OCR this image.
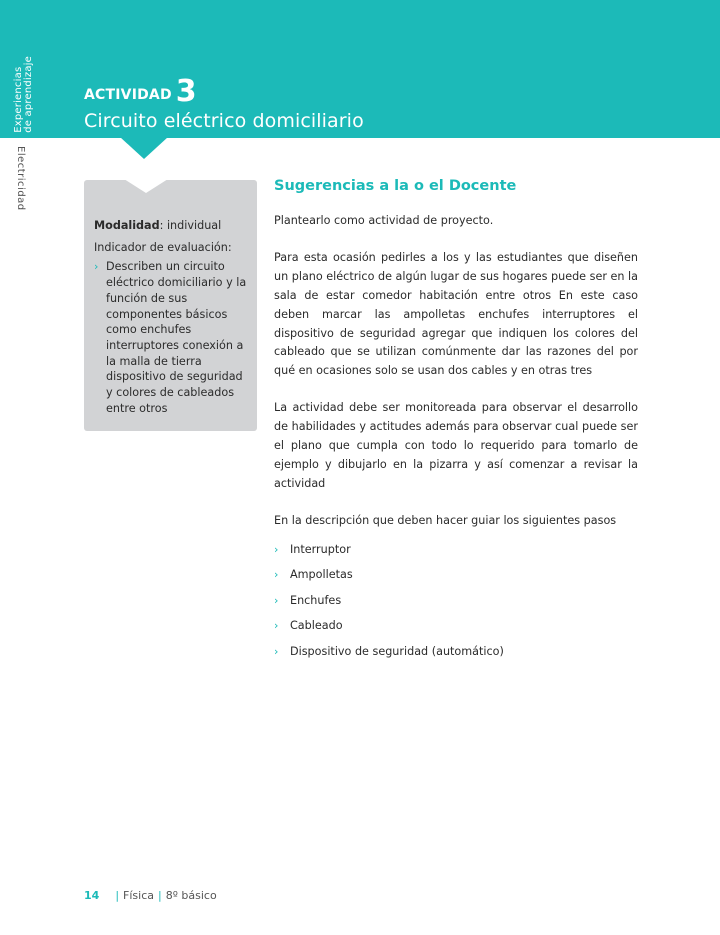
Experiencias de aprendizaje
Electricidad
ACTIVIDAD 3
Circuito eléctrico domiciliario
Modalidad: individual
Indicador de evaluación:
› Describen un circuito eléctrico domiciliario y la función de sus componentes básicos como enchufes interruptores conexión a la malla de tierra dispositivo de seguridad y colores de cableados entre otros
Sugerencias a la o el Docente

Plantearlo como actividad de proyecto.

Para esta ocasión pedirles a los y las estudiantes que diseñen un plano eléctrico de algún lugar de sus hogares puede ser en la sala de estar comedor habitación entre otros En este caso deben marcar las ampolletas enchufes interruptores el dispositivo de seguridad agregar que indiquen los colores del cableado que se utilizan comúnmente dar las razones del por qué en ocasiones solo se usan dos cables y en otras tres

La actividad debe ser monitoreada para observar el desarrollo de habilidades y actitudes además para observar cual puede ser el plano que cumpla con todo lo requerido para tomarlo de ejemplo y dibujarlo en la pizarra y así comenzar a revisar la actividad

En la descripción que deben hacer guiar los siguientes pasos

› Interruptor
› Ampolletas
› Enchufes
› Cableado
› Dispositivo de seguridad (automático)
14 | Física | 8º básico
